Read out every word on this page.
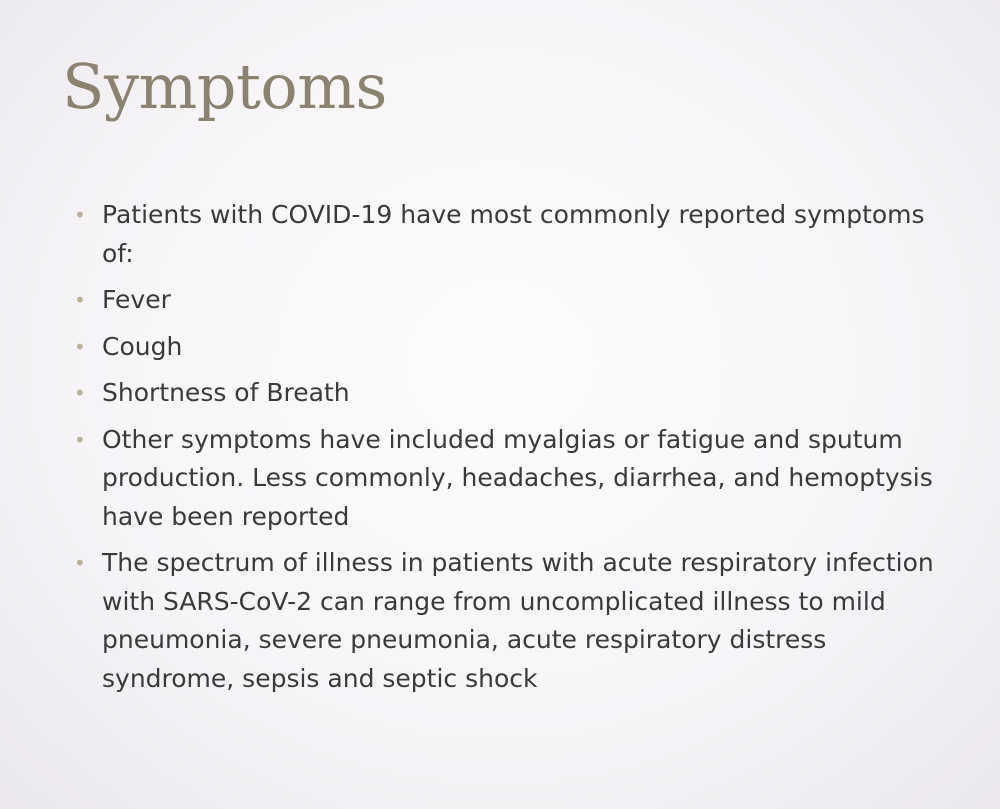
Symptoms
• Patients with COVID-19 have most commonly reported symptoms of:
• Fever
• Cough
• Shortness of Breath
• Other symptoms have included myalgias or fatigue and sputum production. Less commonly, headaches, diarrhea, and hemoptysis have been reported
• The spectrum of illness in patients with acute respiratory infection with SARS-CoV-2 can range from uncomplicated illness to mild pneumonia, severe pneumonia, acute respiratory distress syndrome, sepsis and septic shock
